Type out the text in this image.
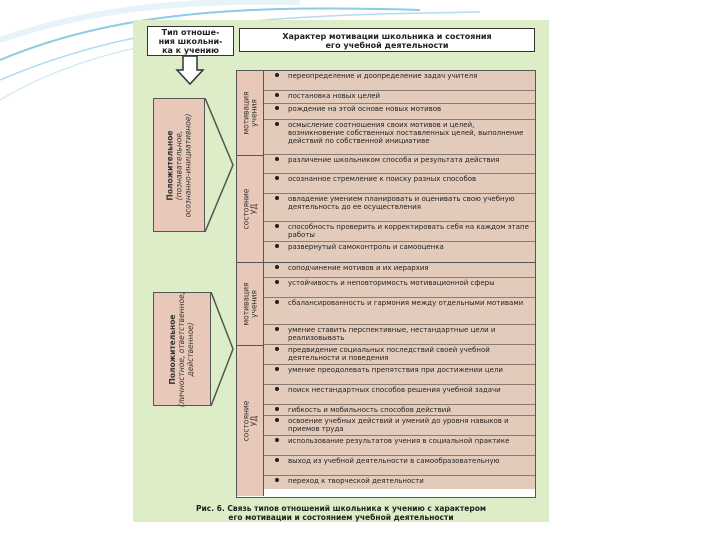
Тип отноше-
ния школьни-
ка к учению
Характер мотивации школьника и состояния
его учебной деятельности
Положительное (познавательное, осознанно-инициативное)
Положительное (личностное, ответственное, действенное)
мотивация учения
состояние УД
переопределение и доопределение задач учителя
постановка новых целей
рождение на этой основе новых мотивов
осмысление соотношения своих мотивов и целей, возникновение собственных поставленных целей, выполнение действий по собственной инициативе
различение школьником способа и результата действия
осознанное стремление к поиску разных способов
овладение умением планировать и оценивать свою учебную деятельность до ее осуществления
способность проверить и корректировать себя на каждом этапе работы
развернутый самоконтроль и самооценка
мотивация учения
состояние УД
соподчинение мотивов и их иерархия
устойчивость и неповторимость мотивационной сферы
сбалансированность и гармония между отдельными мотивами
умение ставить перспективные, нестандартные цели и реализовывать
предвидение социальных последствий своей учебной деятельности и поведения
умение преодолевать препятствия при достижении цели
поиск нестандартных способов решения учебной задачи
гибкость и мобильность способов действий
освоение учебных действий и умений до уровня навыков и приемов труда
использование результатов учения в социальной практике
выход из учебной деятельности в самообразовательную
переход к творческой деятельности
Рис. 6. Связь типов отношений школьника к учению с характером
его мотивации и состоянием учебной деятельности
